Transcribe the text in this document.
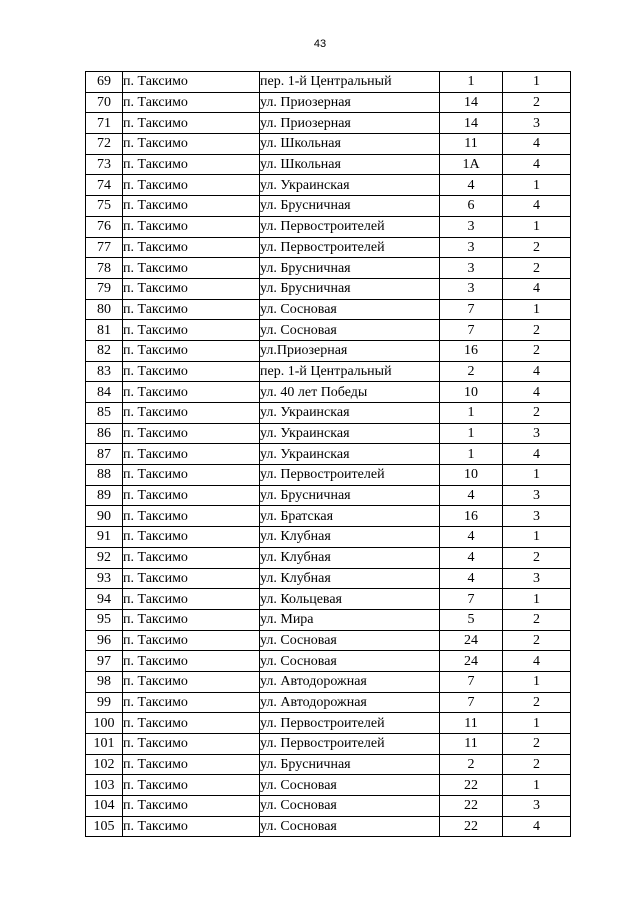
43
69	п. Таксимо	пер. 1-й Центральный	1	1
70	п. Таксимо	ул. Приозерная	14	2
71	п. Таксимо	ул. Приозерная	14	3
72	п. Таксимо	ул. Школьная	11	4
73	п. Таксимо	ул. Школьная	1А	4
74	п. Таксимо	ул. Украинская	4	1
75	п. Таксимо	ул. Брусничная	6	4
76	п. Таксимо	ул. Первостроителей	3	1
77	п. Таксимо	ул. Первостроителей	3	2
78	п. Таксимо	ул. Брусничная	3	2
79	п. Таксимо	ул. Брусничная	3	4
80	п. Таксимо	ул. Сосновая	7	1
81	п. Таксимо	ул. Сосновая	7	2
82	п. Таксимо	ул.Приозерная	16	2
83	п. Таксимо	пер. 1-й Центральный	2	4
84	п. Таксимо	ул. 40 лет Победы	10	4
85	п. Таксимо	ул. Украинская	1	2
86	п. Таксимо	ул. Украинская	1	3
87	п. Таксимо	ул. Украинская	1	4
88	п. Таксимо	ул. Первостроителей	10	1
89	п. Таксимо	ул. Брусничная	4	3
90	п. Таксимо	ул. Братская	16	3
91	п. Таксимо	ул. Клубная	4	1
92	п. Таксимо	ул. Клубная	4	2
93	п. Таксимо	ул. Клубная	4	3
94	п. Таксимо	ул. Кольцевая	7	1
95	п. Таксимо	ул. Мира	5	2
96	п. Таксимо	ул. Сосновая	24	2
97	п. Таксимо	ул. Сосновая	24	4
98	п. Таксимо	ул. Автодорожная	7	1
99	п. Таксимо	ул. Автодорожная	7	2
100	п. Таксимо	ул. Первостроителей	11	1
101	п. Таксимо	ул. Первостроителей	11	2
102	п. Таксимо	ул. Брусничная	2	2
103	п. Таксимо	ул. Сосновая	22	1
104	п. Таксимо	ул. Сосновая	22	3
105	п. Таксимо	ул. Сосновая	22	4
